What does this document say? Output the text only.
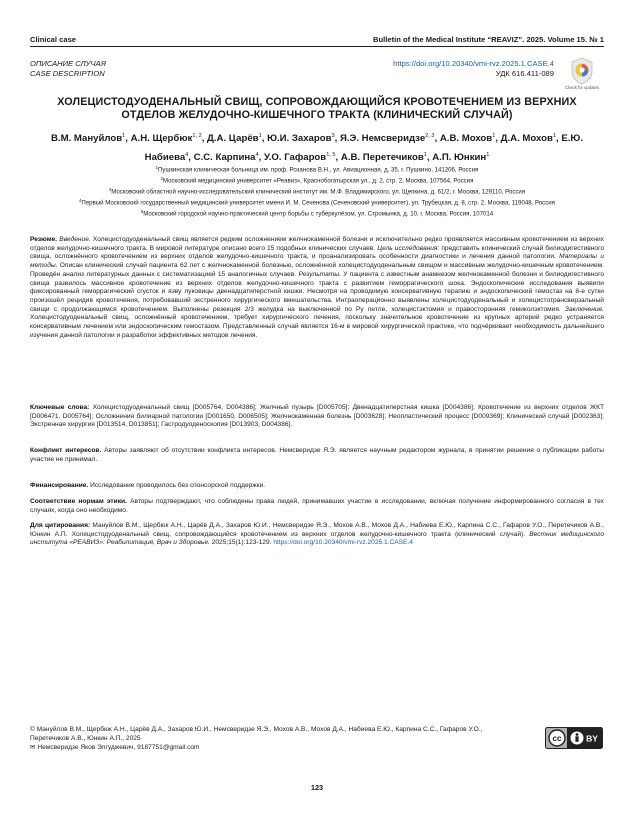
Clinical case	Bulletin of the Medical Institute “REAVIZ”. 2025. Volume 15. № 1
ОПИСАНИЕ СЛУЧАЯ
CASE DESCRIPTION
https://doi.org/10.20340/vmi-rvz.2025.1.CASE.4
УДК 616.411-089
Check for updates
ХОЛЕЦИСТОДУОДЕНАЛЬНЫЙ СВИЩ, СОПРОВОЖДАЮЩИЙСЯ КРОВОТЕЧЕНИЕМ ИЗ ВЕРХНИХ ОТДЕЛОВ ЖЕЛУДОЧНО-КИШЕЧНОГО ТРАКТА (КЛИНИЧЕСКИЙ СЛУЧАЙ)
В.М. Мануйлов$^1$, А.Н. Щербюк$^{1, 2}$, Д.А. Царёв$^1$, Ю.И. Захаров$^3$, Я.Э. Немсверидзе$^{2, 3}$, А.В. Мохов$^1$, Д.А. Мохов$^1$, Е.Ю. Набиева$^4$, С.С. Карпина$^4$, У.О. Гафаров$^{1, 5}$, А.В. Перетечиков$^1$, А.П. Юнкин$^1$
$^1$Пушкинская клиническая больница им. проф. Розанова В.Н., ул. Авиационная, д. 35, г. Пушкино, 141206, Россия
$^2$Московский медицинский университет «Реавиз», Краснобогатырская ул., д. 2, стр. 2, Москва, 107564, Россия
$^3$Московский областной научно-исследовательский клинический институт им. М.Ф. Владимирского, ул. Щепкина, д. 61/2, г. Москва, 129110, Россия
$^4$Первый Московский государственный медицинский университет имени И. М. Сеченова (Сеченовский университет), ул. Трубецкая, д. 8, стр. 2, Москва, 119048, Россия
$^5$Московский городской научно-практический центр борьбы с туберкулёзом, ул. Стромынка, д. 10, г. Москва, Россия, 107014
Резюме. Введение. Холецистодуоденальный свищ является редким осложнением желчнокаменной болезни и исключительно редко проявляется массивным кровотечением из верхних отделов желудочно-кишечного тракта. В мировой литературе описано всего 15 подобных клинических случаев. Цель исследования: представить клинический случай билиодигестивного свища, осложнённого кровотечением из верхних отделов желудочно-кишечного тракта, и проанализировать особенности диагностики и лечения данной патологии. Материалы и методы. Описан клинический случай пациента 62 лет с желчнокаменной болезнью, осложнённой холецистодуоденальным свищом и массивным желудочно-кишечным кровотечением. Проведён анализ литературных данных с систематизацией 15 аналогичных случаев. Результаты. У пациента с известным анамнезом желчнокаменной болезни и билиодигестивного свища развилось массивное кровотечение из верхних отделов желудочно-кишечного тракта с развитием геморрагического шока. Эндоскопические исследования выявили фиксированный геморрагический сгусток и язву луковицы двенадцатиперстной кишки. Несмотря на проводимую консервативную терапию и эндоскопический гемостаз на 8-е сутки произошёл рецидив кровотечения, потребовавший экстренного хирургического вмешательства. Интраоперационно выявлены холецистодуоденальный и холецистотрансверзальный свищи с продолжающимся кровотечением. Выполнены резекция 2/3 желудка на выключенной по Ру петле, холецистэктомия и правосторонняя гемиколэктомия. Заключение. Холецистодуоденальный свищ, осложнённый кровотечением, требует хирургического лечения, поскольку значительное кровотечение из крупных артерий редко устраняется консервативным лечением или эндоскопическим гемостазом. Представленный случай является 16-м в мировой хирургической практике, что подчёркивает необходимость дальнейшего изучения данной патологии и разработки эффективных методов лечения.
Ключевые слова: Холецистодуоденальный свищ [D005764, D004386]; Желчный пузырь [D005705]; Двенадцатиперстная кишка [D004386]; Кровотечение из верхних отделов ЖКТ [D006471, D005764]; Осложнения билиарной патологии [D001650, D006505]; Желчнокаменная болезнь [D003628]; Неопластический процесс [D009369]; Клинический случай [D002363]; Экстренная хирургия [D013514, D013851]; Гастродуоденоскопия [D013903, D004386].
Конфликт интересов. Авторы заявляют об отсутствии конфликта интересов. Немсверидзе Я.Э. является научным редактором журнала, в принятии решения о публикации работы участие не принимал.
Финансирование. Исследование проводилось без спонсорской поддержки.
Соответствие нормам этики. Авторы подтверждают, что соблюдены права людей, принимавших участие в исследовании, включая получение информированного согласия в тех случаях, когда оно необходимо.
Для цитирования: Мануйлов В.М., Щербюк А.Н., Царёв Д.А., Захаров Ю.И., Немсверидзе Я.Э., Мохов А.В., Мохов Д.А., Набиева Е.Ю., Карпина С.С., Гафаров У.О., Перетечиков А.В., Юнкин А.П. Холецистодуоденальный свищ, сопровождающийся кровотечением из верхних отделов желудочно-кишечного тракта (клинический случай). Вестник медицинского института «РЕАВИЗ»: Реабилитация, Врач и Здоровье. 2025;15(1):123-129. https://doi.org/10.20340/vmi-rvz.2025.1.CASE.4
© Мануйлов В.М., Щербюк А.Н., Царёв Д.А., Захаров Ю.И., Немсверидзе Я.Э., Мохов А.В., Мохов Д.А., Набиева Е.Ю., Карпина С.С., Гафаров У.О., Перетечиков А.В., Юнкин А.П., 2025
✉ Немсверидзе Яков Элгуджевич, 9187751@gmail.com
cc	BY
123
